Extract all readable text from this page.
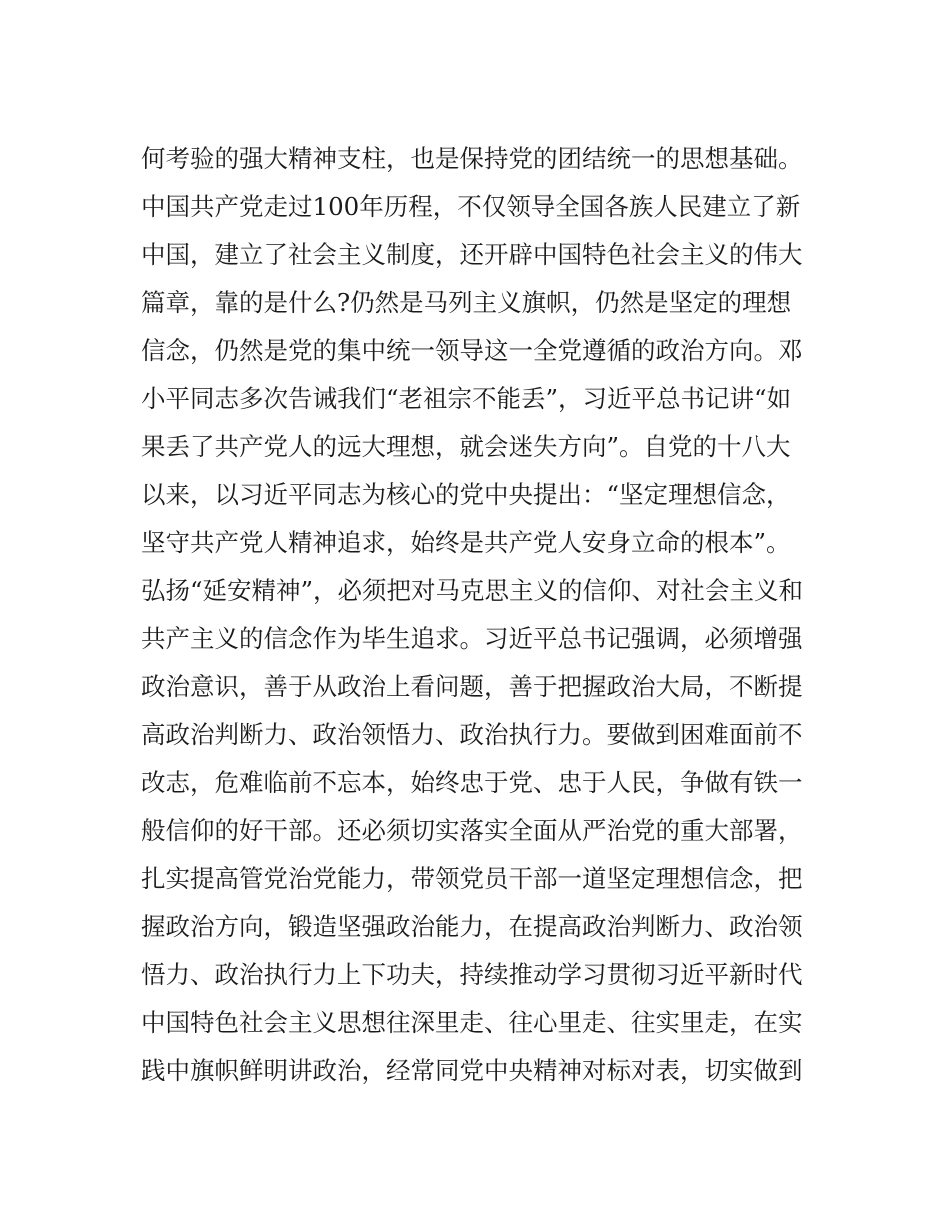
何考验的强大精神支柱，也是保持党的团结统一的思想基础。
中国共产党走过100年历程，不仅领导全国各族人民建立了新
中国，建立了社会主义制度，还开辟中国特色社会主义的伟大
篇章，靠的是什么?仍然是马列主义旗帜，仍然是坚定的理想
信念，仍然是党的集中统一领导这一全党遵循的政治方向。邓
小平同志多次告诫我们“老祖宗不能丢”，习近平总书记讲“如
果丢了共产党人的远大理想，就会迷失方向”。自党的十八大
以来，以习近平同志为核心的党中央提出：“坚定理想信念，
坚守共产党人精神追求，始终是共产党人安身立命的根本”。
弘扬“延安精神”，必须把对马克思主义的信仰、对社会主义和
共产主义的信念作为毕生追求。习近平总书记强调，必须增强
政治意识，善于从政治上看问题，善于把握政治大局，不断提
高政治判断力、政治领悟力、政治执行力。要做到困难面前不
改志，危难临前不忘本，始终忠于党、忠于人民，争做有铁一
般信仰的好干部。还必须切实落实全面从严治党的重大部署，
扎实提高管党治党能力，带领党员干部一道坚定理想信念，把
握政治方向，锻造坚强政治能力，在提高政治判断力、政治领
悟力、政治执行力上下功夫，持续推动学习贯彻习近平新时代
中国特色社会主义思想往深里走、往心里走、往实里走，在实
践中旗帜鲜明讲政治，经常同党中央精神对标对表，切实做到
